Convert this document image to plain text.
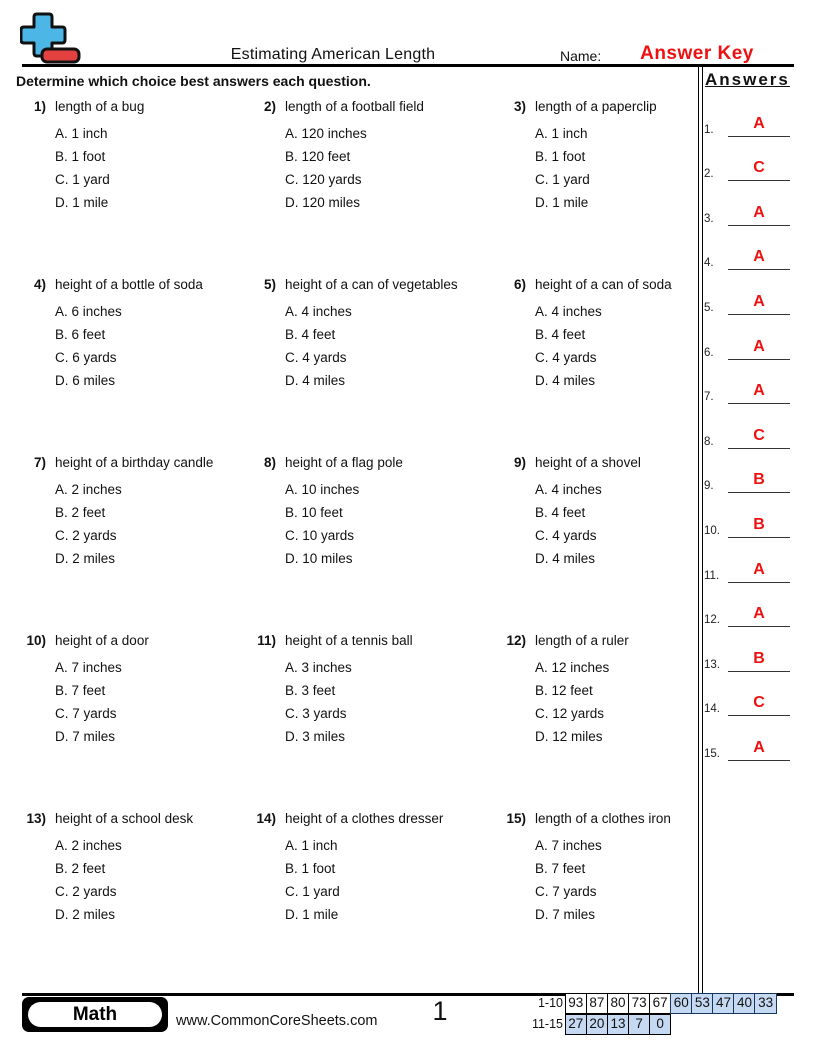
Estimating American Length	Name:	Answer Key
Determine which choice best answers each question.
1) length of a bug
A. 1 inch
B. 1 foot
C. 1 yard
D. 1 mile
2) length of a football field
A. 120 inches
B. 120 feet
C. 120 yards
D. 120 miles
3) length of a paperclip
A. 1 inch
B. 1 foot
C. 1 yard
D. 1 mile
4) height of a bottle of soda
A. 6 inches
B. 6 feet
C. 6 yards
D. 6 miles
5) height of a can of vegetables
A. 4 inches
B. 4 feet
C. 4 yards
D. 4 miles
6) height of a can of soda
A. 4 inches
B. 4 feet
C. 4 yards
D. 4 miles
7) height of a birthday candle
A. 2 inches
B. 2 feet
C. 2 yards
D. 2 miles
8) height of a flag pole
A. 10 inches
B. 10 feet
C. 10 yards
D. 10 miles
9) height of a shovel
A. 4 inches
B. 4 feet
C. 4 yards
D. 4 miles
10) height of a door
A. 7 inches
B. 7 feet
C. 7 yards
D. 7 miles
11) height of a tennis ball
A. 3 inches
B. 3 feet
C. 3 yards
D. 3 miles
12) length of a ruler
A. 12 inches
B. 12 feet
C. 12 yards
D. 12 miles
13) height of a school desk
A. 2 inches
B. 2 feet
C. 2 yards
D. 2 miles
14) height of a clothes dresser
A. 1 inch
B. 1 foot
C. 1 yard
D. 1 mile
15) length of a clothes iron
A. 7 inches
B. 7 feet
C. 7 yards
D. 7 miles
Answers
1.	A
2.	C
3.	A
4.	A
5.	A
6.	A
7.	A
8.	C
9.	B
10.	B
11.	A
12.	A
13.	B
14.	C
15.	A
Math	www.CommonCoreSheets.com	1	1-10 93 87 80 73 67 60 53 47 40 33
11-15 27 20 13 7	0
